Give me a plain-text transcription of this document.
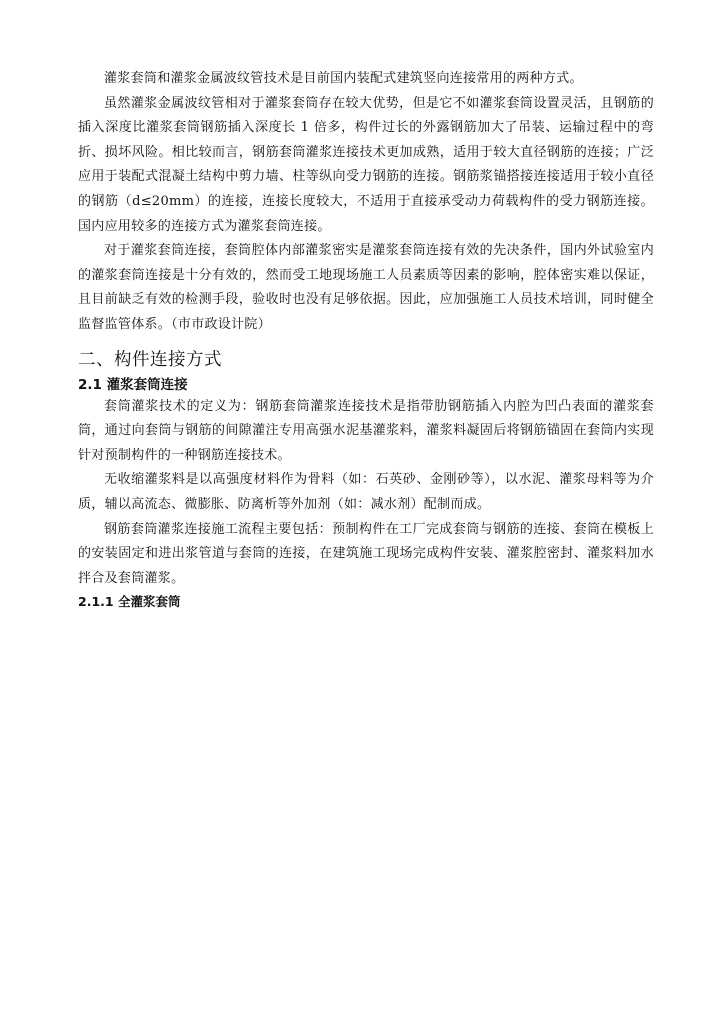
灌浆套筒和灌浆金属波纹管技术是目前国内装配式建筑竖向连接常用的两种方式。

虽然灌浆金属波纹管相对于灌浆套筒存在较大优势，但是它不如灌浆套筒设置灵活，且钢筋的插入深度比灌浆套筒钢筋插入深度长 1 倍多，构件过长的外露钢筋加大了吊装、运输过程中的弯折、损坏风险。相比较而言，钢筋套筒灌浆连接技术更加成熟，适用于较大直径钢筋的连接；广泛应用于装配式混凝土结构中剪力墙、柱等纵向受力钢筋的连接。钢筋浆锚搭接连接适用于较小直径的钢筋（d≤20mm）的连接，连接长度较大，不适用于直接承受动力荷载构件的受力钢筋连接。国内应用较多的连接方式为灌浆套筒连接。

对于灌浆套筒连接，套筒腔体内部灌浆密实是灌浆套筒连接有效的先决条件，国内外试验室内的灌浆套筒连接是十分有效的，然而受工地现场施工人员素质等因素的影响，腔体密实难以保证，且目前缺乏有效的检测手段，验收时也没有足够依据。因此，应加强施工人员技术培训，同时健全监督监管体系。（市市政设计院）

二、构件连接方式
2.1 灌浆套筒连接

套筒灌浆技术的定义为：钢筋套筒灌浆连接技术是指带肋钢筋插入内腔为凹凸表面的灌浆套筒，通过向套筒与钢筋的间隙灌注专用高强水泥基灌浆料，灌浆料凝固后将钢筋锚固在套筒内实现针对预制构件的一种钢筋连接技术。

无收缩灌浆料是以高强度材料作为骨料（如：石英砂、金刚砂等），以水泥、灌浆母料等为介质，辅以高流态、微膨胀、防离析等外加剂（如：减水剂）配制而成。

钢筋套筒灌浆连接施工流程主要包括：预制构件在工厂完成套筒与钢筋的连接、套筒在模板上的安装固定和进出浆管道与套筒的连接，在建筑施工现场完成构件安装、灌浆腔密封、灌浆料加水拌合及套筒灌浆。

2.1.1 全灌浆套筒
